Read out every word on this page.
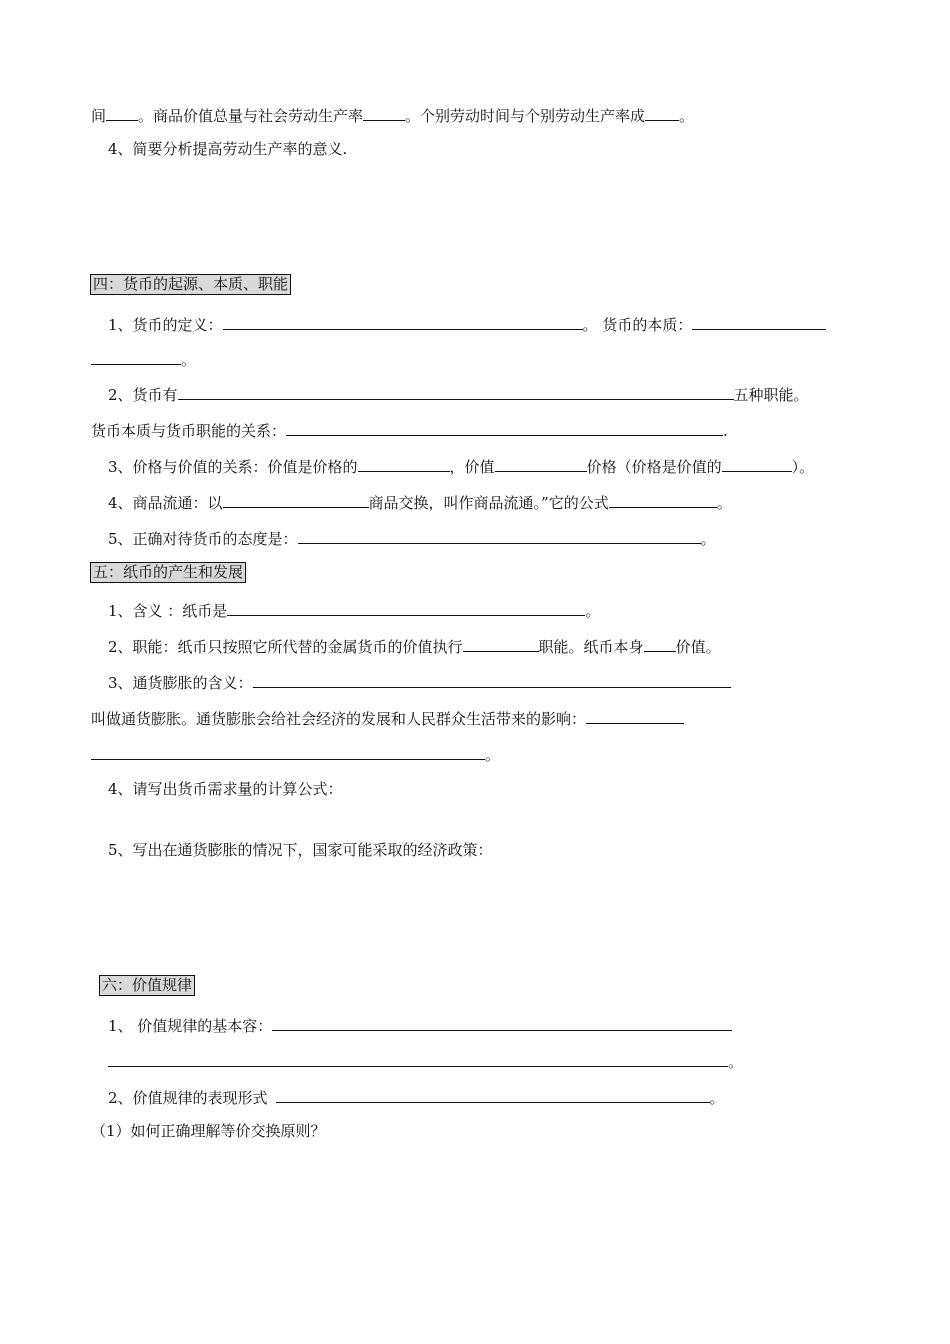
间 。商品价值总量与社会劳动生产率	。个别劳动时间与个别劳动生产率成 。
4、简要分析提高劳动生产率的意义.
四：货币的起源、本质、职能
1、货币的定义：	。 货币的本质：
。
2、货币有	五种职能。
货币本质与货币职能的关系：	.
3、价格与价值的关系：价值是价格的	，价值	价格（价格是价值的	）。
4、商品流通：以	商品交换，叫作商品流通。”它的公式	。
5、正确对待货币的态度是：	。
五：纸币的产生和发展
1、含义 ：纸币是	。
2、职能：纸币只按照它所代替的金属货币的价值执行	职能。纸币本身 价值。
3、通货膨胀的含义：
叫做通货膨胀。通货膨胀会给社会经济的发展和人民群众生活带来的影响：
。
4、请写出货币需求量的计算公式：
5、写出在通货膨胀的情况下，国家可能采取的经济政策：
六：价值规律
1、 价值规律的基本容：
。
2、价值规律的表现形式	。
（1）如何正确理解等价交换原则？
